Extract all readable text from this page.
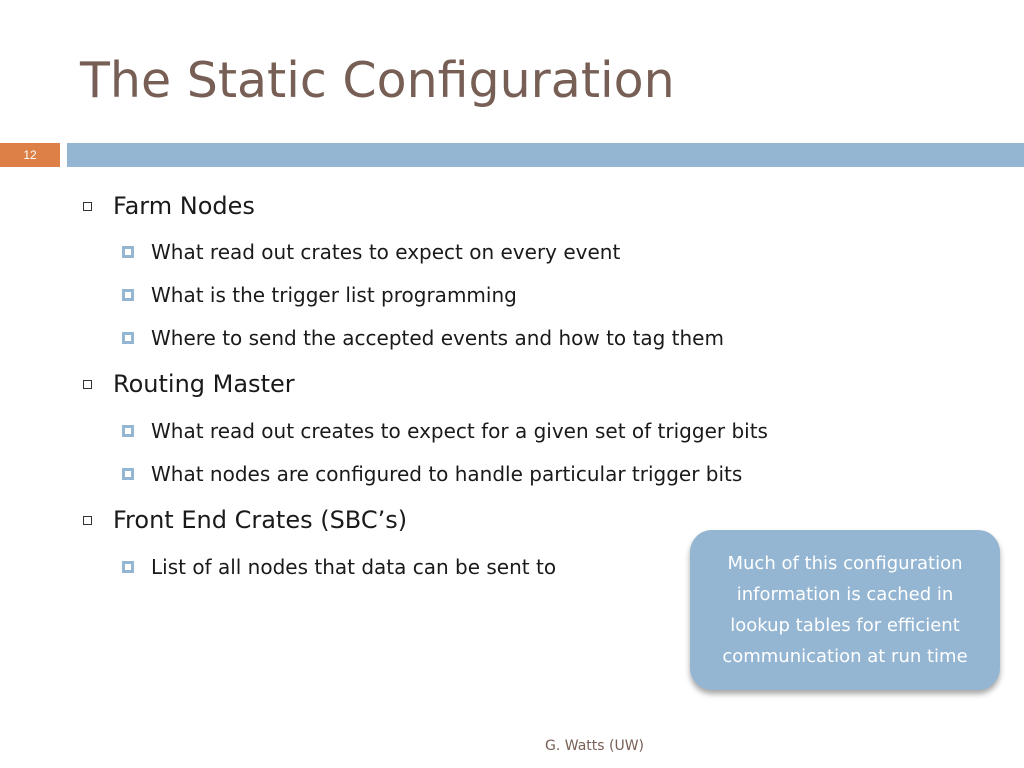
The Static Configuration
12
Farm Nodes
What read out crates to expect on every event
What is the trigger list programming
Where to send the accepted events and how to tag them
Routing Master
What read out creates to expect for a given set of trigger bits
What nodes are configured to handle particular trigger bits
Front End Crates (SBC’s)
List of all nodes that data can be sent to	Much of this configuration
information is cached in
lookup tables for efficient
communication at run time
G. Watts (UW)
